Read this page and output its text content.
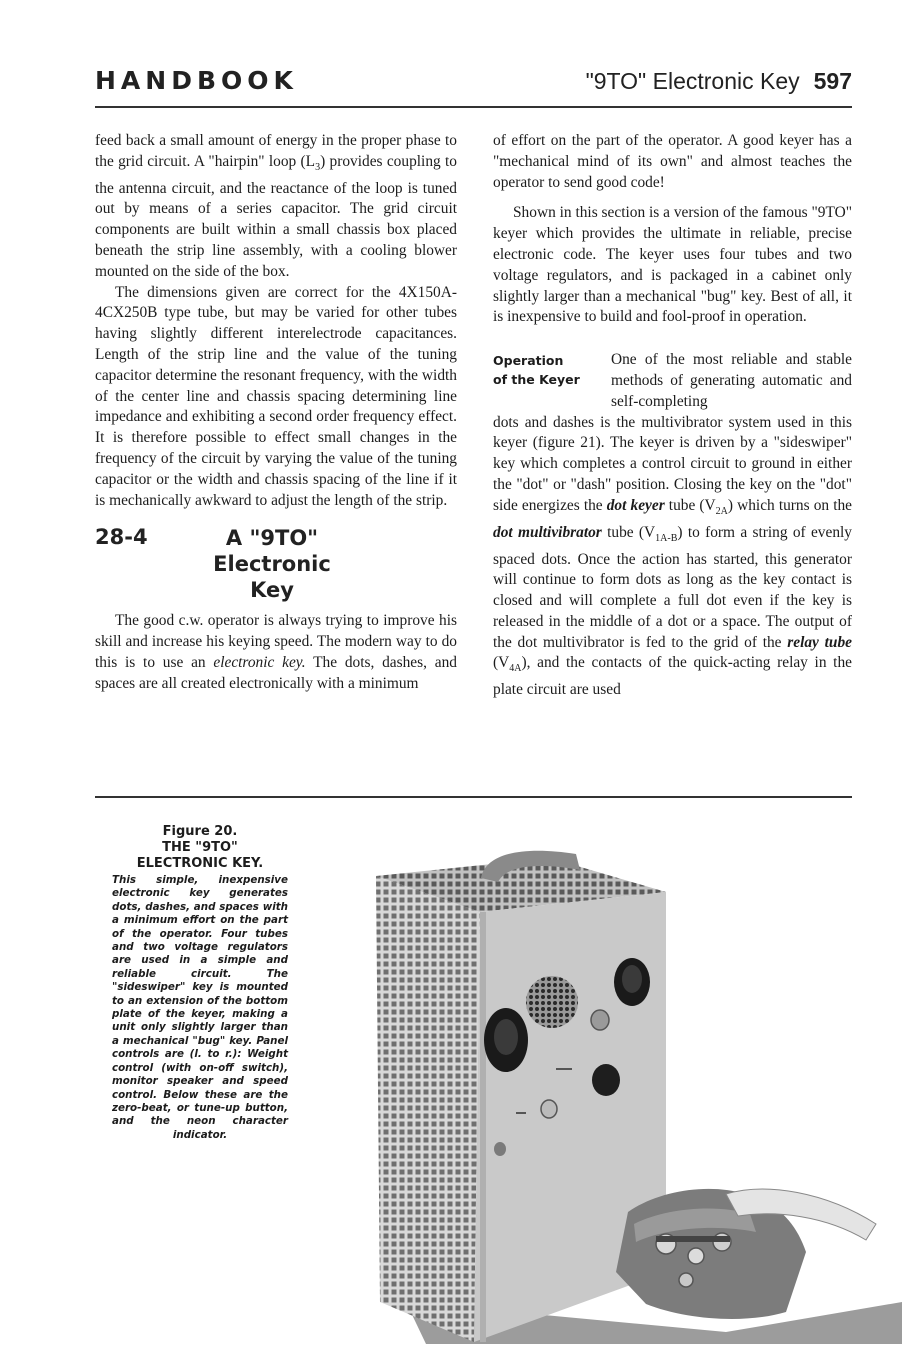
HANDBOOK	"9TO" Electronic Key 597

feed back a small amount of energy in the proper phase to the grid circuit. A "hairpin" loop $(L_3)$ provides coupling to the antenna circuit, and the reactance of the loop is tuned out by means of a series capacitor. The grid circuit components are built within a small chassis box placed beneath the strip line assembly, with a cooling blower mounted on the side of the box.

The dimensions given are correct for the 4X150A-4CX250B type tube, but may be varied for other tubes having slightly different interelectrode capacitances. Length of the strip line and the value of the tuning capacitor determine the resonant frequency, with the width of the center line and chassis spacing determining line impedance and exhibiting a second order frequency effect. It is therefore possible to effect small changes in the frequency of the circuit by varying the value of the tuning capacitor or the width and chassis spacing of the line if it is mechanically awkward to adjust the length of the strip.

28-4	A "9TO"
Electronic Key

The good c.w. operator is always trying to improve his skill and increase his keying speed. The modern way to do this is to use an electronic key. The dots, dashes, and spaces are all created electronically with a minimum

of effort on the part of the operator. A good keyer has a "mechanical mind of its own" and almost teaches the operator to send good code!

Shown in this section is a version of the famous "9TO" keyer which provides the ultimate in reliable, precise electronic code. The keyer uses four tubes and two voltage regulators, and is packaged in a cabinet only slightly larger than a mechanical "bug" key. Best of all, it is inexpensive to build and fool-proof in operation.

Operation
of the Keyer
One of the most reliable and stable methods of generating automatic and self-completing

dots and dashes is the multivibrator system used in this keyer (figure 21). The keyer is driven by a "sideswiper" key which completes a control circuit to ground in either the "dot" or "dash" position. Closing the key on the "dot" side energizes the dot keyer tube $(V_{2A})$ which turns on the dot multivibrator tube $(V_{1A-B})$ to form a string of evenly spaced dots. Once the action has started, this generator will continue to form dots as long as the key contact is closed and will complete a full dot even if the key is released in the middle of a dot or a space. The output of the dot multivibrator is fed to the grid of the relay tube $(V_{4A})$, and the contacts of the quick-acting relay in the plate circuit are used

Figure 20.
THE "9TO"
ELECTRONIC KEY.
This simple, inexpensive electronic key generates dots, dashes, and spaces with a minimum effort on the part of the operator. Four tubes and two voltage regulators are used in a simple and reliable circuit. The "sideswiper" key is mounted to an extension of the bottom plate of the keyer, making a unit only slightly larger than a mechanical "bug" key. Panel controls are (l. to r.): Weight control (with on-off switch), monitor speaker and speed control. Below these are the zero-beat, or tune-up button, and the neon character indicator.
